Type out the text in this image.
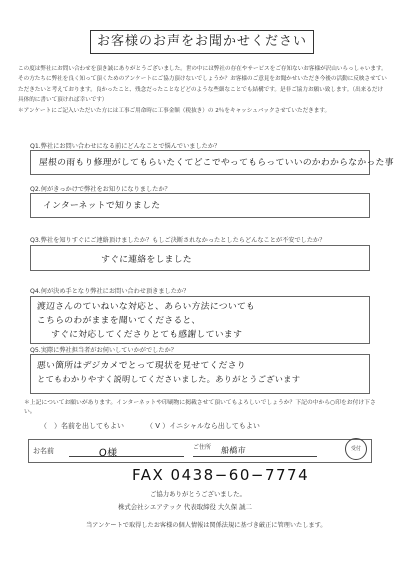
お客様のお声をお聞かせください
この度は弊社にお問い合わせを頂き誠にありがとうございました。世の中には弊社の存在やサービスをご存知ないお客様が沢山いらっしゃいます。その方たちに弊社を良く知って頂くためのアンケートにご協力頂けないでしょうか？お客様のご意見をお聞かせいただき今後の活動に反映させていただきたいと考えております。良かったこと、残念だったことなどどのような些細なことでも結構です。是非ご協力お願い致します。（出来るだけ具体的に書いて頂ければ幸いです）
＊アンケートにご記入いただいた方には工事ご用命時に工事金額（税抜き）の 2％をキャッシュバックさせていただきます。
Q1.弊社にお問い合わせになる前にどんなことで悩んでいましたか？
屋根の雨もり修理がしてもらいたくてどこでやってもらっていいのかわからなかった事
Q2.何がきっかけで弊社をお知りになりましたか？
インターネットで知りました
Q3.弊社を知りすぐにご連絡頂けましたか？もしご決断されなかったとしたらどんなことが不安でしたか？
すぐに連絡をしました
Q4.何が決め手となり弊社にお問い合わせ頂きましたか？
渡辺さんのていねいな対応と、あらい方法についても
こちらのわがままを聞いてくださると、
すぐに対応してくださりとても感謝しています
Q5.実際に弊社担当者がお伺いしていかがでしたか？
悪い箇所はデジカメでとって現状を見せてくださり
とてもわかりやすく説明してくださいました。ありがとうございます
＊上記についてお願いがあります。インターネットや印刷物に掲載させて頂いてもよろしいでしょうか？下記の中から○印をお付け下さい。
（　）名前を出してもよい	（ V ）イニシャルなら出してもよい
お名前	O様
ご住所 船橋市	受付
FAX 0438−60−7774
ご協力ありがとうございました。
株式会社シエアテック 代表取締役 大久保 誠二
当アンケートで取得したお客様の個人情報は関係法規に基づき厳正に管理いたします。
